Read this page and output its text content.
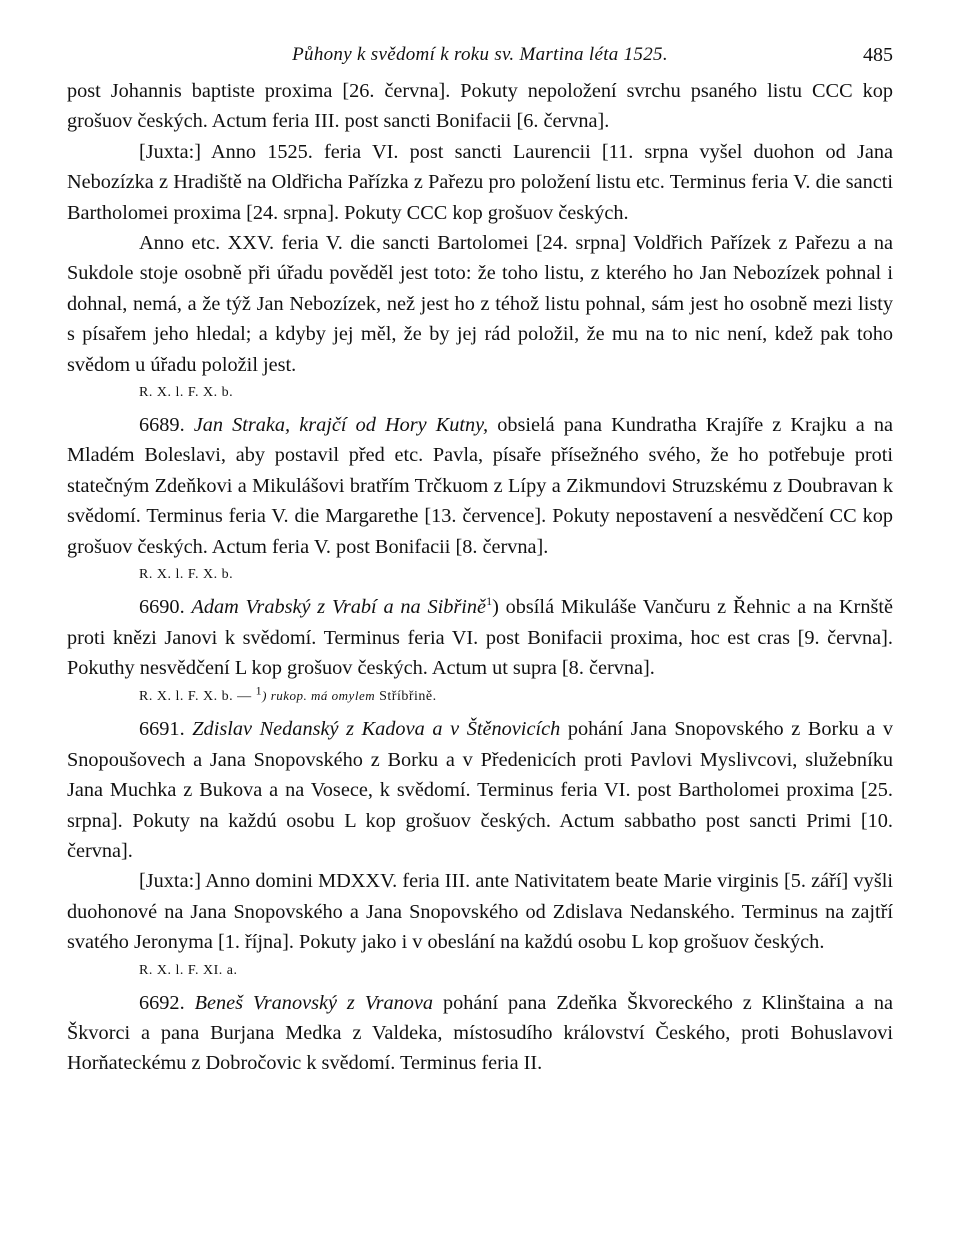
Půhony k svědomí k roku sv. Martina léta 1525.	485

post Johannis baptiste proxima [26. června]. Pokuty nepoložení svrchu psaného listu CCC kop grošuov českých. Actum feria III. post sancti Bonifacii [6. června].

[Juxta:] Anno 1525. feria VI. post sancti Laurencii [11. srpna vyšel duohon od Jana Nebozízka z Hradiště na Oldřicha Pařízka z Pařezu pro položení listu etc. Terminus feria V. die sancti Bartholomei proxima [24. srpna]. Pokuty CCC kop grošuov českých.

Anno etc. XXV. feria V. die sancti Bartolomei [24. srpna] Voldřich Pařízek z Pařezu a na Sukdole stoje osobně při úřadu pověděl jest toto: že toho listu, z kterého ho Jan Nebozízek pohnal i dohnal, nemá, a že týž Jan Nebozízek, než jest ho z téhož listu pohnal, sám jest ho osobně mezi listy s písařem jeho hledal; a kdyby jej měl, že by jej rád položil, že mu na to nic není, kdež pak toho svědom u úřadu položil jest.

R. X. l. F. X. b.

6689. Jan Straka, krajčí od Hory Kutny, obsielá pana Kundratha Krajíře z Krajku a na Mladém Boleslavi, aby postavil před etc. Pavla, písaře přísežného svého, že ho potřebuje proti statečným Zdeňkovi a Mikulášovi bratřím Trčkuom z Lípy a Zikmundovi Struzskému z Doubravan k svědomí. Terminus feria V. die Margarethe [13. července]. Pokuty nepostavení a nesvědčení CC kop grošuov českých. Actum feria V. post Bonifacii [8. června].

R. X. l. F. X. b.

6690. Adam Vrabský z Vrabí a na Sibřině$^1$) obsílá Mikuláše Vančuru z Řehnic a na Krnště proti knězi Janovi k svědomí. Terminus feria VI. post Bonifacii proxima, hoc est cras [9. června]. Pokuthy nesvědčení L kop grošuov českých. Actum ut supra [8. června].

R. X. l. F. X. b. — $^1$) rukop. má omylem Stříbřině.

6691. Zdislav Nedanský z Kadova a v Štěnovicích pohání Jana Snopovského z Borku a v Snopoušovech a Jana Snopovského z Borku a v Předenicích proti Pavlovi Myslivcovi, služebníku Jana Muchka z Bukova a na Vosece, k svědomí. Terminus feria VI. post Bartholomei proxima [25. srpna]. Pokuty na každú osobu L kop grošuov českých. Actum sabbatho post sancti Primi [10. června].

[Juxta:] Anno domini MDXXV. feria III. ante Nativitatem beate Marie virginis [5. září] vyšli duohonové na Jana Snopovského a Jana Snopovského od Zdislava Nedanského. Terminus na zajtří svatého Jeronyma [1. října]. Pokuty jako i v obeslání na každú osobu L kop grošuov českých.

R. X. l. F. XI. a.

6692. Beneš Vranovský z Vranova pohání pana Zdeňka Škvoreckého z Klinštaina a na Škvorci a pana Burjana Medka z Valdeka, místosudího království Českého, proti Bohuslavovi Horňateckému z Dobročovic k svědomí. Terminus feria II.
